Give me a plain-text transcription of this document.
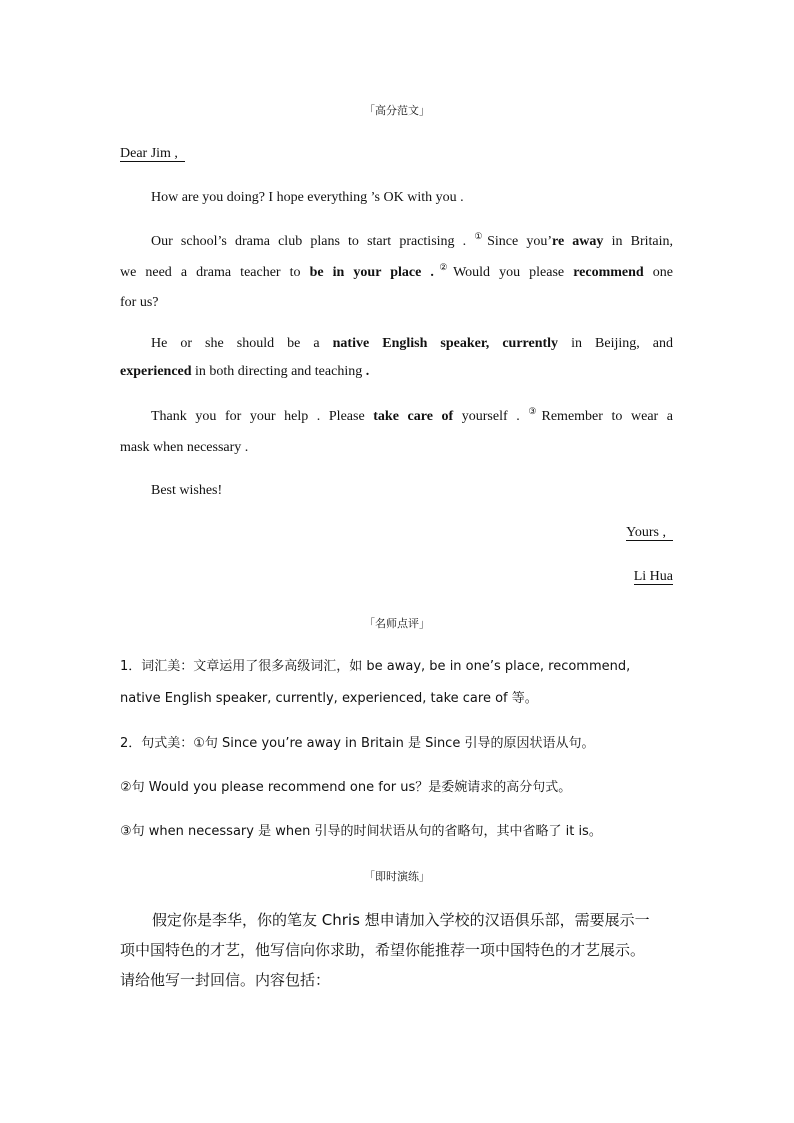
「高分范文」
Dear Jim ,
How are you doing? I hope everything ’s OK with you .
Our school’s drama club plans to start practising . ①Since you’re away in Britain,
we need a drama teacher to be in your place .②Would you please recommend one
for us?
He or she should be a native English speaker, currently in Beijing, and
experienced in both directing and teaching .
Thank you for your help . Please take care of yourself . ③Remember to wear a
mask when necessary .
Best wishes!
Yours ,
Li Hua
「名师点评」
1．词汇美：文章运用了很多高级词汇，如 be away, be in one’s place, recommend,
native English speaker, currently, experienced, take care of 等。
2．句式美：①句 Since you’re away in Britain 是 Since 引导的原因状语从句。
②句 Would you please recommend one for us？是委婉请求的高分句式。
③句 when necessary 是 when 引导的时间状语从句的省略句，其中省略了 it is。
「即时演练」
假定你是李华，你的笔友 Chris 想申请加入学校的汉语俱乐部，需要展示一
项中国特色的才艺，他写信向你求助，希望你能推荐一项中国特色的才艺展示。
请给他写一封回信。内容包括：
